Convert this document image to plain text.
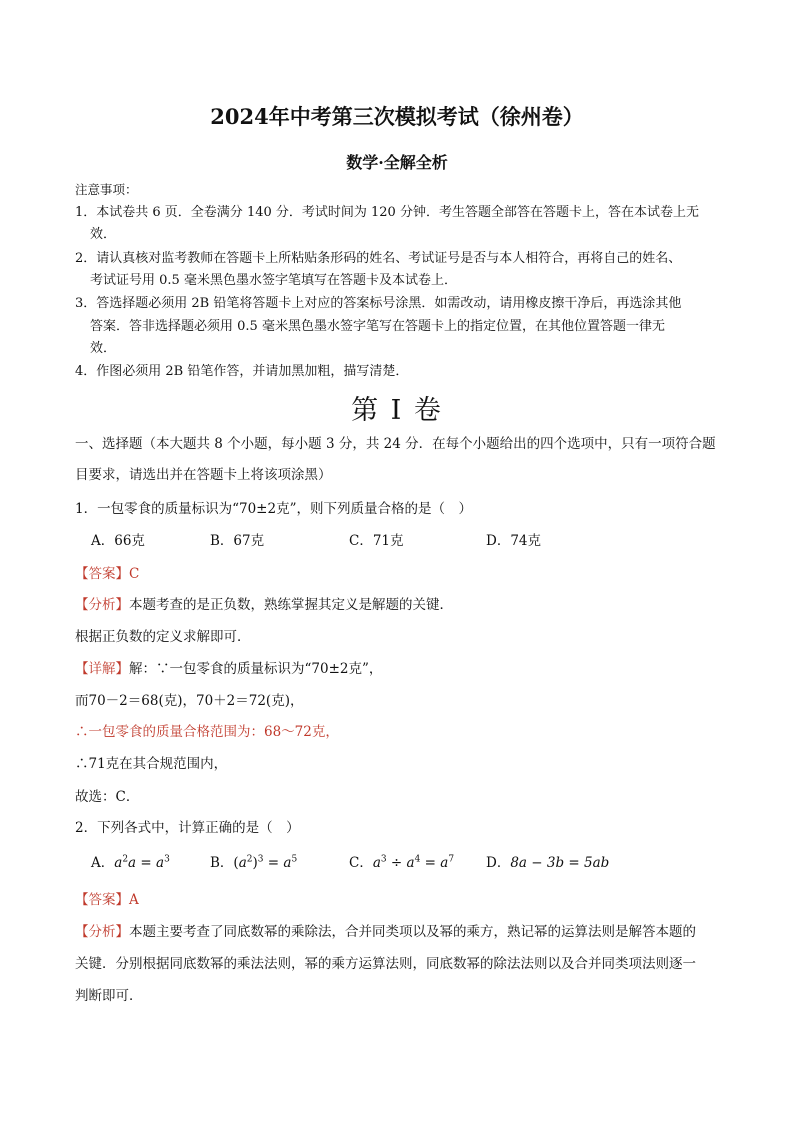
2024年中考第三次模拟考试（徐州卷）
数学·全解全析
注意事项：
1．本试卷共 6 页．全卷满分 140 分．考试时间为 120 分钟．考生答题全部答在答题卡上，答在本试卷上无
效．
2．请认真核对监考教师在答题卡上所粘贴条形码的姓名、考试证号是否与本人相符合，再将自己的姓名、
考试证号用 0.5 毫米黑色墨水签字笔填写在答题卡及本试卷上．
3．答选择题必须用 2B 铅笔将答题卡上对应的答案标号涂黑．如需改动，请用橡皮擦干净后，再选涂其他
答案．答非选择题必须用 0.5 毫米黑色墨水签字笔写在答题卡上的指定位置，在其他位置答题一律无
效．
4．作图必须用 2B 铅笔作答，并请加黑加粗，描写清楚．
第 I 卷
一、选择题（本大题共 8 个小题，每小题 3 分，共 24 分．在每个小题给出的四个选项中，只有一项符合题
目要求，请选出并在答题卡上将该项涂黑）
1．一包零食的质量标识为“70±2克”，则下列质量合格的是（　）
A．66克	B．67克	C．71克	D．74克
【答案】C
【分析】本题考查的是正负数，熟练掌握其定义是解题的关键．
根据正负数的定义求解即可．
【详解】解：∵一包零食的质量标识为“70±2克”，
而70－2＝68(克)，70＋2＝72(克)，
∴一包零食的质量合格范围为：68～72克，
∴71克在其合规范围内，
故选：C．
2．下列各式中，计算正确的是（　）
A．$a^2a = a^3$	B．$(a^2)^3 = a^5$	C．$a^3 \div a^4 = a^7$ D．8a − 3b = 5ab
【答案】A
【分析】本题主要考查了同底数幂的乘除法，合并同类项以及幂的乘方，熟记幂的运算法则是解答本题的
关键．分别根据同底数幂的乘法法则，幂的乘方运算法则，同底数幂的除法法则以及合并同类项法则逐一
判断即可．
